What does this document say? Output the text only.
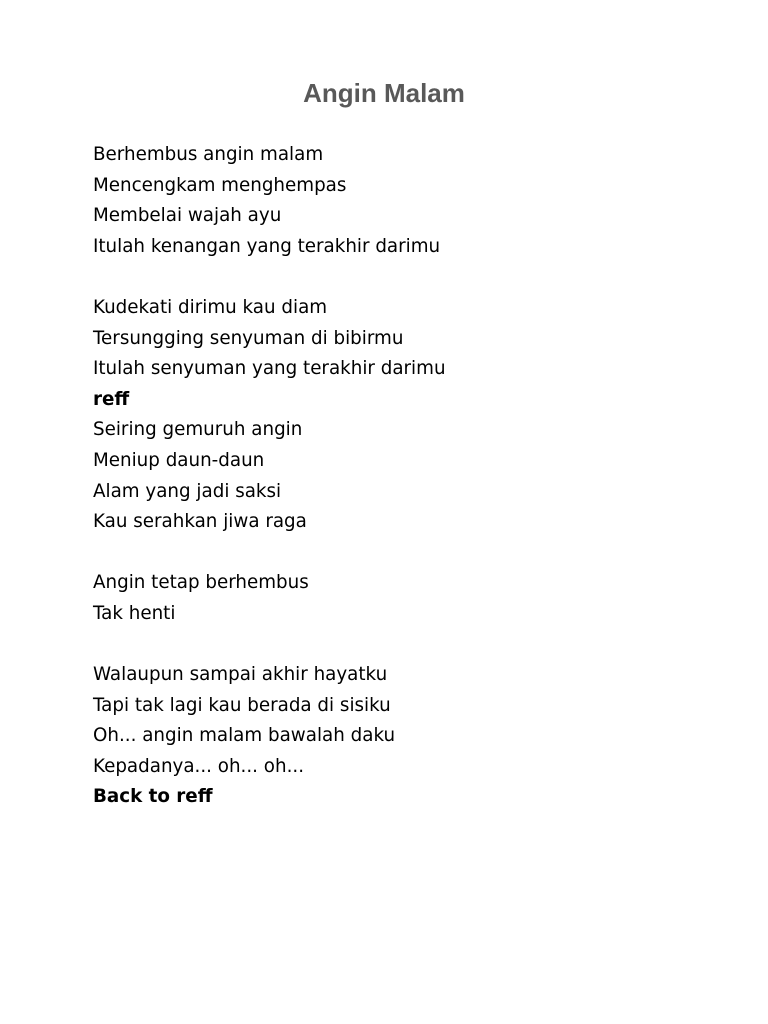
Angin Malam
Berhembus angin malam
Mencengkam menghempas
Membelai wajah ayu
Itulah kenangan yang terakhir darimu
Kudekati dirimu kau diam
Tersungging senyuman di bibirmu
Itulah senyuman yang terakhir darimu
reff
Seiring gemuruh angin
Meniup daun-daun
Alam yang jadi saksi
Kau serahkan jiwa raga
Angin tetap berhembus
Tak henti
Walaupun sampai akhir hayatku
Tapi tak lagi kau berada di sisiku
Oh... angin malam bawalah daku
Kepadanya... oh... oh...
Back to reff
